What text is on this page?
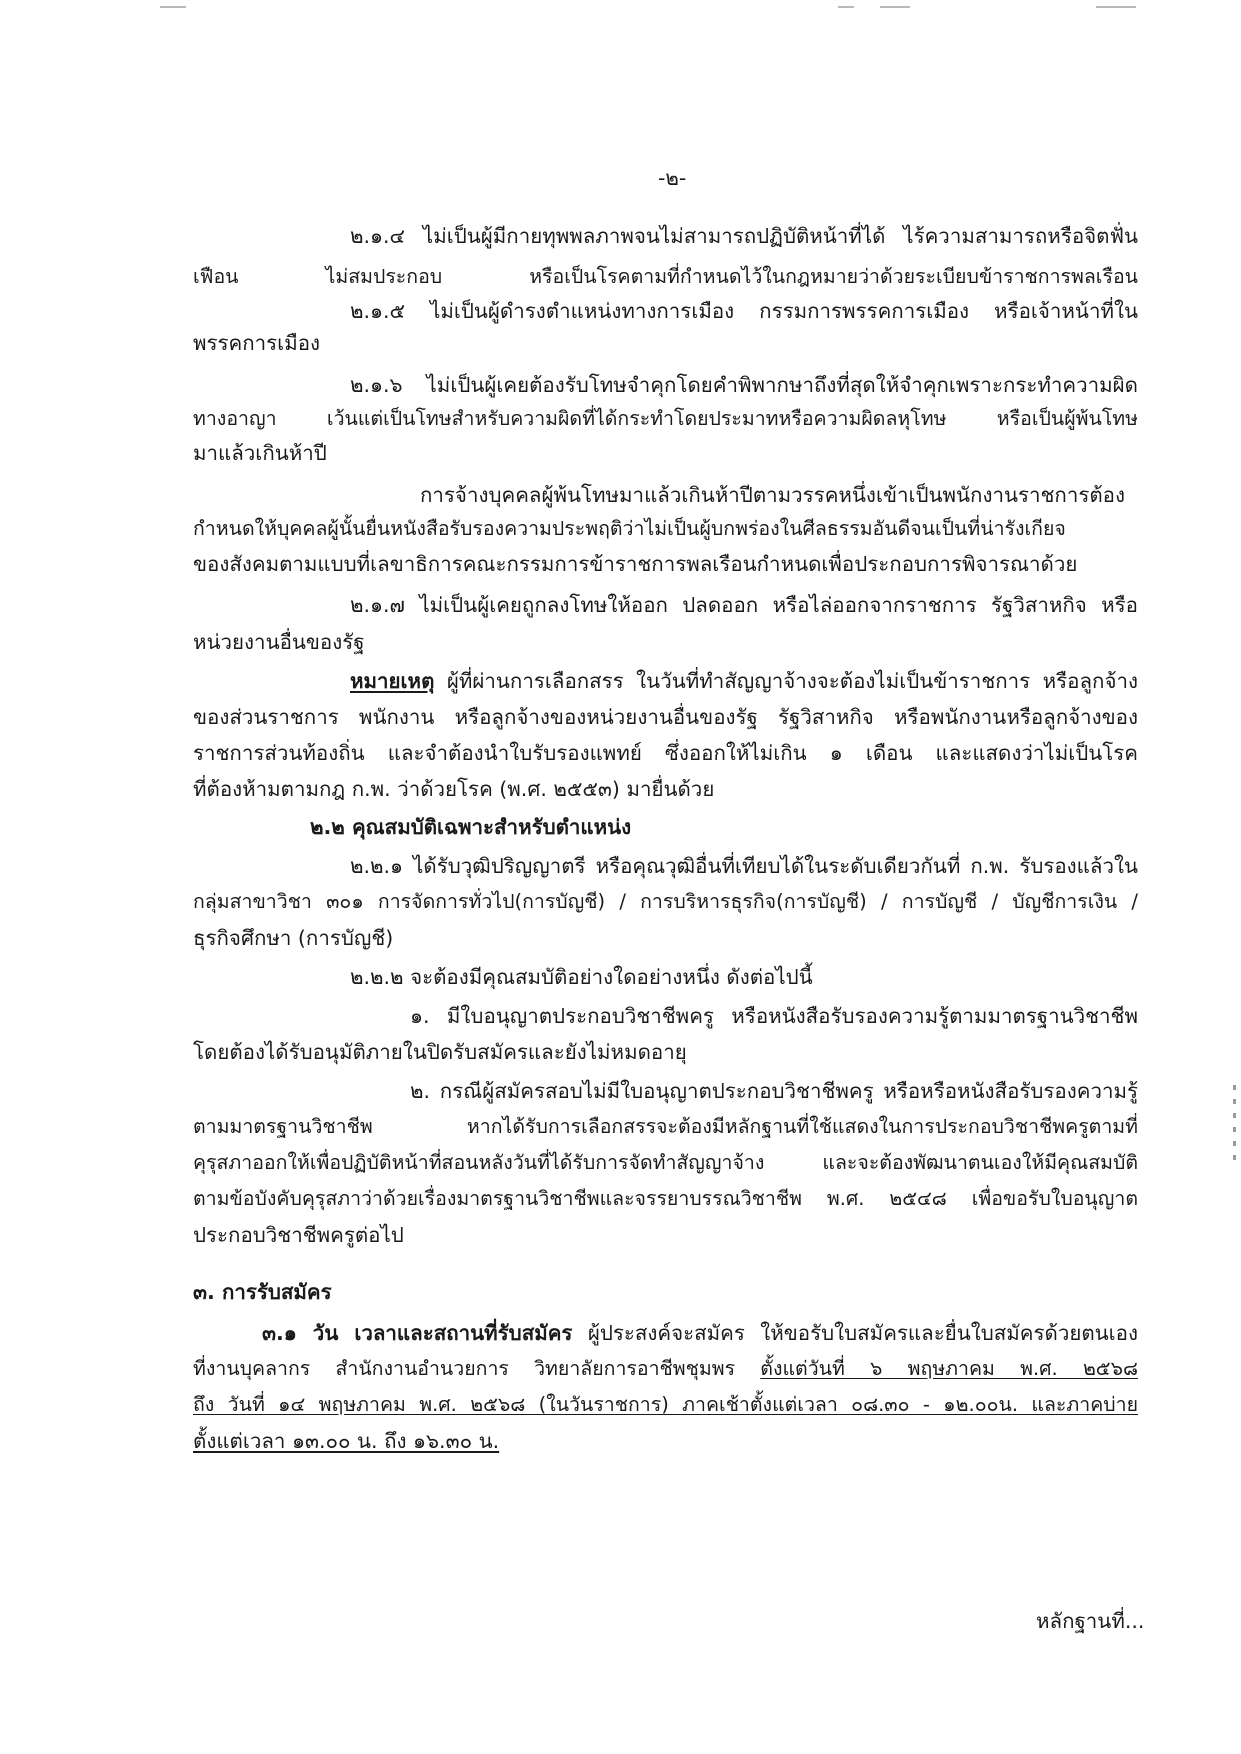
-๒-
๒.๑.๔ ไม่เป็นผู้มีกายทุพพลภาพจนไม่สามารถปฏิบัติหน้าที่ได้ ไร้ความสามารถหรือจิตฟั่น
เฟือน ไม่สมประกอบ หรือเป็นโรคตามที่กำหนดไว้ในกฎหมายว่าด้วยระเบียบข้าราชการพลเรือน
๒.๑.๕ ไม่เป็นผู้ดำรงตำแหน่งทางการเมือง กรรมการพรรคการเมือง หรือเจ้าหน้าที่ใน
พรรคการเมือง
๒.๑.๖ ไม่เป็นผู้เคยต้องรับโทษจำคุกโดยคำพิพากษาถึงที่สุดให้จำคุกเพราะกระทำความผิด
ทางอาญา เว้นแต่เป็นโทษสำหรับความผิดที่ได้กระทำโดยประมาทหรือความผิดลหุโทษ หรือเป็นผู้พ้นโทษ
มาแล้วเกินห้าปี
การจ้างบุคคลผู้พ้นโทษมาแล้วเกินห้าปีตามวรรคหนึ่งเข้าเป็นพนักงานราชการต้อง
กำหนดให้บุคคลผู้นั้นยื่นหนังสือรับรองความประพฤติว่าไม่เป็นผู้บกพร่องในศีลธรรมอันดีจนเป็นที่น่ารังเกียจ
ของสังคมตามแบบที่เลขาธิการคณะกรรมการข้าราชการพลเรือนกำหนดเพื่อประกอบการพิจารณาด้วย
๒.๑.๗ ไม่เป็นผู้เคยถูกลงโทษให้ออก ปลดออก หรือไล่ออกจากราชการ รัฐวิสาหกิจ หรือ
หน่วยงานอื่นของรัฐ
หมายเหตุ ผู้ที่ผ่านการเลือกสรร ในวันที่ทำสัญญาจ้างจะต้องไม่เป็นข้าราชการ หรือลูกจ้าง
ของส่วนราชการ พนักงาน หรือลูกจ้างของหน่วยงานอื่นของรัฐ รัฐวิสาหกิจ หรือพนักงานหรือลูกจ้างของ
ราชการส่วนท้องถิ่น และจำต้องนำใบรับรองแพทย์ ซึ่งออกให้ไม่เกิน ๑ เดือน และแสดงว่าไม่เป็นโรค
ที่ต้องห้ามตามกฎ ก.พ. ว่าด้วยโรค (พ.ศ. ๒๕๕๓) มายื่นด้วย
๒.๒ คุณสมบัติเฉพาะสำหรับตำแหน่ง
๒.๒.๑ ได้รับวุฒิปริญญาตรี หรือคุณวุฒิอื่นที่เทียบได้ในระดับเดียวกันที่ ก.พ. รับรองแล้วใน
กลุ่มสาขาวิชา ๓๐๑ การจัดการทั่วไป(การบัญชี) / การบริหารธุรกิจ(การบัญชี) / การบัญชี / บัญชีการเงิน /
ธุรกิจศึกษา (การบัญชี)
๒.๒.๒ จะต้องมีคุณสมบัติอย่างใดอย่างหนึ่ง ดังต่อไปนี้
๑. มีใบอนุญาตประกอบวิชาชีพครู หรือหนังสือรับรองความรู้ตามมาตรฐานวิชาชีพ
โดยต้องได้รับอนุมัติภายในปิดรับสมัครและยังไม่หมดอายุ
๒. กรณีผู้สมัครสอบไม่มีใบอนุญาตประกอบวิชาชีพครู หรือหรือหนังสือรับรองความรู้
ตามมาตรฐานวิชาชีพ หากได้รับการเลือกสรรจะต้องมีหลักฐานที่ใช้แสดงในการประกอบวิชาชีพครูตามที่
คุรุสภาออกให้เพื่อปฏิบัติหน้าที่สอนหลังวันที่ได้รับการจัดทำสัญญาจ้าง และจะต้องพัฒนาตนเองให้มีคุณสมบัติ
ตามข้อบังคับคุรุสภาว่าด้วยเรื่องมาตรฐานวิชาชีพและจรรยาบรรณวิชาชีพ พ.ศ. ๒๕๔๘ เพื่อขอรับใบอนุญาต
ประกอบวิชาชีพครูต่อไป
๓. การรับสมัคร
๓.๑ วัน เวลาและสถานที่รับสมัคร ผู้ประสงค์จะสมัคร ให้ขอรับใบสมัครและยื่นใบสมัครด้วยตนเอง
ที่งานบุคลากร สำนักงานอำนวยการ วิทยาลัยการอาชีพชุมพร ตั้งแต่วันที่ ๖ พฤษภาคม พ.ศ. ๒๕๖๘
ถึง วันที่ ๑๔ พฤษภาคม พ.ศ. ๒๕๖๘ (ในวันราชการ) ภาคเช้าตั้งแต่เวลา ๐๘.๓๐ - ๑๒.๐๐น. และภาคบ่าย
ตั้งแต่เวลา ๑๓.๐๐ น. ถึง ๑๖.๓๐ น.
หลักฐานที่...
